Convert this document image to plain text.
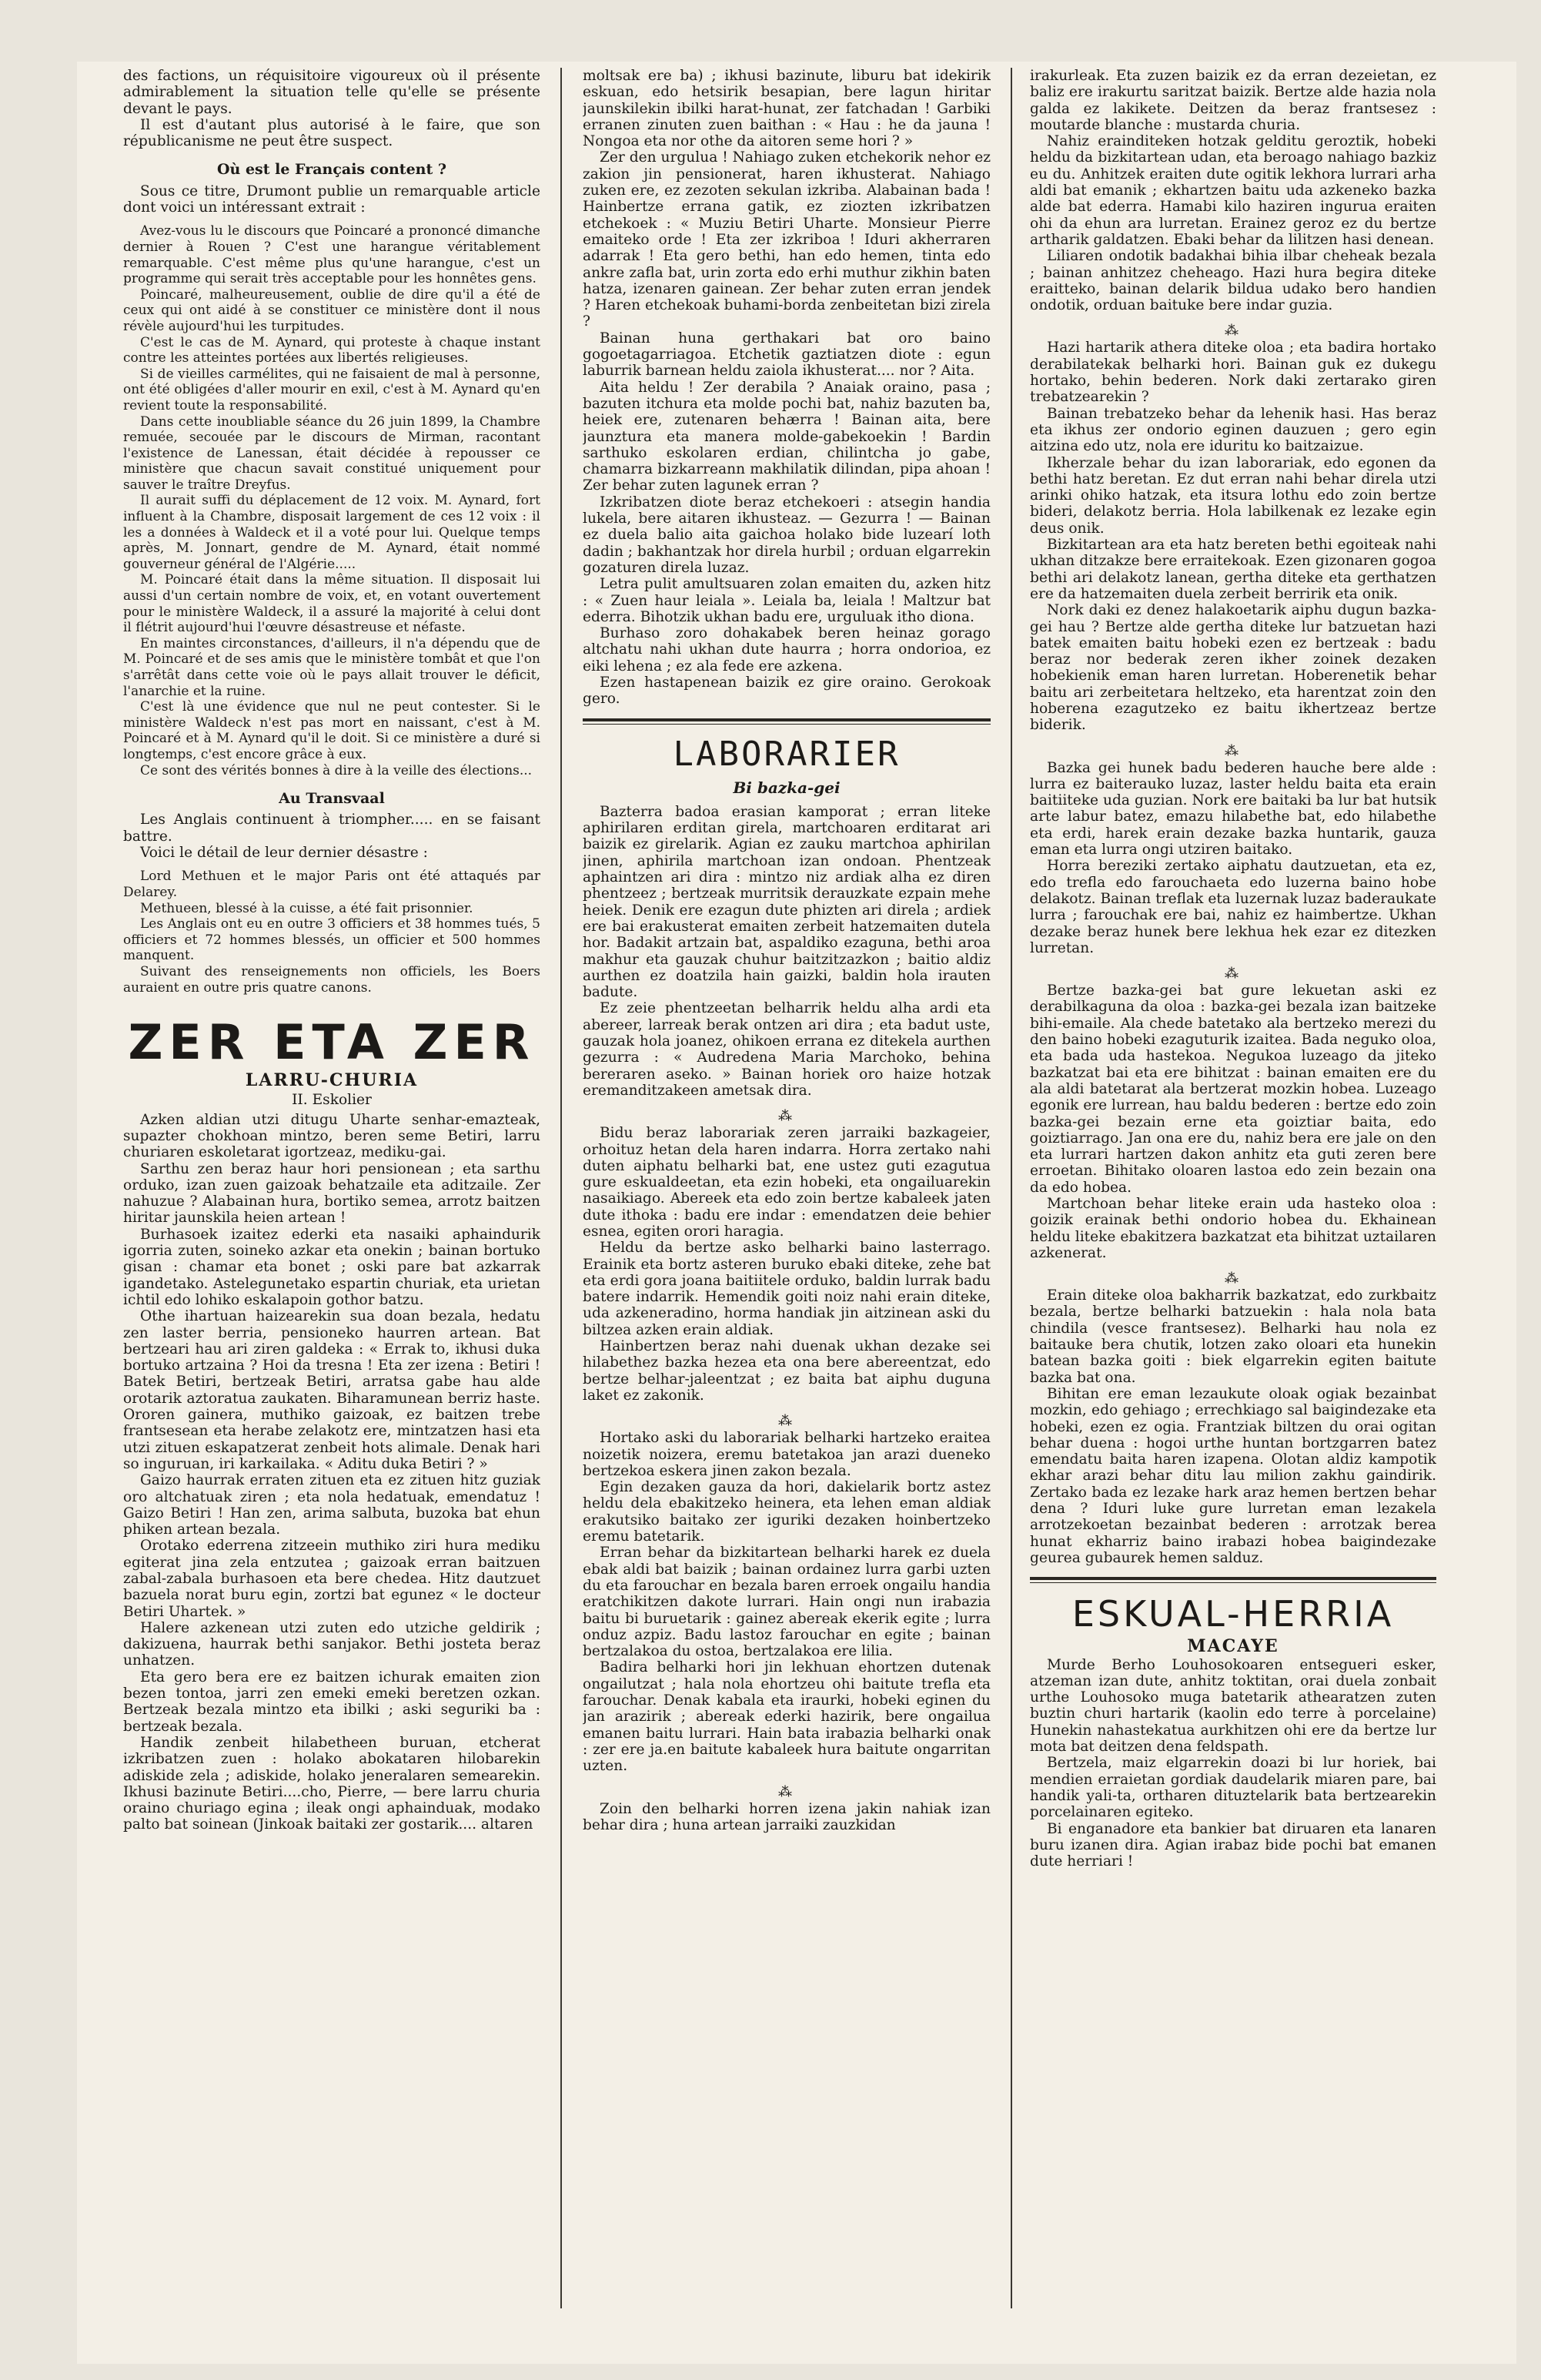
des factions, un réquisitoire vigoureux où il présente admirablement la situation telle qu'elle se présente devant le pays.

Il est d'autant plus autorisé à le faire, que son républicanisme ne peut être suspect.

Où est le Français content ?

Sous ce titre, Drumont publie un remarquable article dont voici un intéressant extrait :

Avez-vous lu le discours que Poincaré a prononcé dimanche dernier à Rouen ? C'est une harangue véritablement remarquable. C'est même plus qu'une harangue, c'est un programme qui serait très acceptable pour les honnêtes gens.

Poincaré, malheureusement, oublie de dire qu'il a été de ceux qui ont aidé à se constituer ce ministère dont il nous révèle aujourd'hui les turpitudes.

C'est le cas de M. Aynard, qui proteste à chaque instant contre les atteintes portées aux libertés religieuses.

Si de vieilles carmélites, qui ne faisaient de mal à personne, ont été obligées d'aller mourir en exil, c'est à M. Aynard qu'en revient toute la responsabilité.

Dans cette inoubliable séance du 26 juin 1899, la Chambre remuée, secouée par le discours de Mirman, racontant l'existence de Lanessan, était décidée à repousser ce ministère que chacun savait constitué uniquement pour sauver le traître Dreyfus.

Il aurait suffi du déplacement de 12 voix. M. Aynard, fort influent à la Chambre, disposait largement de ces 12 voix : il les a données à Waldeck et il a voté pour lui. Quelque temps après, M. Jonnart, gendre de M. Aynard, était nommé gouverneur général de l'Algérie.....

M. Poincaré était dans la même situation. Il disposait lui aussi d'un certain nombre de voix, et, en votant ouvertement pour le ministère Waldeck, il a assuré la majorité à celui dont il flétrit aujourd'hui l'œuvre désastreuse et néfaste.

En maintes circonstances, d'ailleurs, il n'a dépendu que de M. Poincaré et de ses amis que le ministère tombât et que l'on s'arrêtât dans cette voie où le pays allait trouver le déficit, l'anarchie et la ruine.

C'est là une évidence que nul ne peut contester. Si le ministère Waldeck n'est pas mort en naissant, c'est à M. Poincaré et à M. Aynard qu'il le doit. Si ce ministère a duré si longtemps, c'est encore grâce à eux.

Ce sont des vérités bonnes à dire à la veille des élections...

Au Transvaal

Les Anglais continuent à triompher..... en se faisant battre.

Voici le détail de leur dernier désastre :

Lord Methuen et le major Paris ont été attaqués par Delarey.

Methueen, blessé à la cuisse, a été fait prisonnier.

Les Anglais ont eu en outre 3 officiers et 38 hommes tués, 5 officiers et 72 hommes blessés, un officier et 500 hommes manquent.

Suivant des renseignements non officiels, les Boers auraient en outre pris quatre canons.

ZER ETA ZER
LARRU-CHURIA
II. Eskolier

Azken aldian utzi ditugu Uharte senhar-emazteak, supazter chokhoan mintzo, beren seme Betiri, larru churiaren eskoletarat igortzeaz, mediku-gai.

Sarthu zen beraz haur hori pensionean ; eta sarthu orduko, izan zuen gaizoak behatzaile eta aditzaile. Zer nahuzue ? Alabainan hura, bortiko semea, arrotz baitzen hiritar jaunskila heien artean !

Burhasoek izaitez ederki eta nasaiki aphaindurik igorria zuten, soineko azkar eta onekin ; bainan bortuko gisan : chamar eta bonet ; oski pare bat azkarrak igandetako. Astelegunetako espartin churiak, eta urietan ichtil edo lohiko eskalapoin gothor batzu.

Othe ihartuan haizearekin sua doan bezala, hedatu zen laster berria, pensioneko haurren artean. Bat bertzeari hau ari ziren galdeka : « Errak to, ikhusi duka bortuko artzaina ? Hoi da tresna ! Eta zer izena : Betiri ! Batek Betiri, bertzeak Betiri, arratsa gabe hau alde orotarik aztoratua zaukaten. Biharamunean berriz haste. Ororen gainera, muthiko gaizoak, ez baitzen trebe frantsesean eta herabe zelakotz ere, mintzatzen hasi eta utzi zituen eskapatzerat zenbeit hots alimale. Denak hari so inguruan, iri karkailaka. « Aditu duka Betiri ? »

Gaizo haurrak erraten zituen eta ez zituen hitz guziak oro altchatuak ziren ; eta nola hedatuak, emendatuz ! Gaizo Betiri ! Han zen, arima salbuta, buzoka bat ehun phiken artean bezala.

Orotako ederrena zitzeein muthiko ziri hura mediku egiterat jina zela entzutea ; gaizoak erran baitzuen zabal-zabala burhasoen eta bere chedea. Hitz dautzuet bazuela norat buru egin, zortzi bat egunez « le docteur Betiri Uhartek. »

Halere azkenean utzi zuten edo utziche geldirik ; dakizuena, haurrak bethi sanjakor. Bethi josteta beraz unhatzen.

Eta gero bera ere ez baitzen ichurak emaiten zion bezen tontoa, jarri zen emeki emeki beretzen ozkan. Bertzeak bezala mintzo eta ibilki ; aski seguriki ba : bertzeak bezala.

Handik zenbeit hilabetheen buruan, etcherat izkribatzen zuen : holako abokataren hilobarekin adiskide zela ; adiskide, holako jeneralaren semearekin. Ikhusi bazinute Betiri....cho, Pierre, — bere larru churia oraino churiago egina ; ileak ongi aphainduak, modako palto bat soinean (Jinkoak baitaki zer gostarik.... altaren

moltsak ere ba) ; ikhusi bazinute, liburu bat idekirik eskuan, edo hetsirik besapian, bere lagun hiritar jaunskilekin ibilki harat-hunat, zer fatchadan ! Garbiki erranen zinuten zuen baithan : « Hau : he da jauna ! Nongoa eta nor othe da aitoren seme hori ? »

Zer den urgulua ! Nahiago zuken etchekorik nehor ez zakion jin pensionerat, haren ikhusterat. Nahiago zuken ere, ez zezoten sekulan izkriba. Alabainan bada ! Hainbertze errana gatik, ez ziozten izkribatzen etchekoek : « Muziu Betiri Uharte. Monsieur Pierre emaiteko orde ! Eta zer izkriboa ! Iduri akherraren adarrak ! Eta gero bethi, han edo hemen, tinta edo ankre zafla bat, urin zorta edo erhi muthur zikhin baten hatza, izenaren gainean. Zer behar zuten erran jendek ? Haren etchekoak buhami-borda zenbeitetan bizi zirela ?

Bainan huna gerthakari bat oro baino gogoetagarriagoa. Etchetik gaztiatzen diote : egun laburrik barnean heldu zaiola ikhusterat.... nor ? Aita.

Aita heldu ! Zer derabila ? Anaiak oraino, pasa ; bazuten itchura eta molde pochi bat, nahiz bazuten ba, heiek ere, zutenaren behærra ! Bainan aita, bere jaunztura eta manera molde-gabekoekin ! Bardin sarthuko eskolaren erdian, chilintcha jo gabe, chamarra bizkarreann makhilatik dilindan, pipa ahoan ! Zer behar zuten lagunek erran ?

Izkribatzen diote beraz etchekoeri : atsegin handia lukela, bere aitaren ikhusteaz. — Gezurra ! — Bainan ez duela balio aita gaichoa holako bide luzearí loth dadin ; bakhantzak hor direla hurbil ; orduan elgarrekin gozaturen direla luzaz.

Letra pulit amultsuaren zolan emaiten du, azken hitz : « Zuen haur leiala ». Leiala ba, leiala ! Maltzur bat ederra. Bihotzik ukhan badu ere, urguluak itho diona.

Burhaso zoro dohakabek beren heinaz gorago altchatu nahi ukhan dute haurra ; horra ondorioa, ez eiki lehena ; ez ala fede ere azkena.

Ezen hastapenean baizik ez gire oraino. Gerokoak gero.

LABORARIER
Bi bazka-gei

Bazterra badoa erasian kamporat ; erran liteke aphirilaren erditan girela, martchoaren erditarat ari baizik ez girelarik. Agian ez zauku martchoa aphirilan jinen, aphirila martchoan izan ondoan. Phentzeak aphaintzen ari dira : mintzo niz ardiak alha ez diren phentzeez ; bertzeak murritsik derauzkate ezpain mehe heiek. Denik ere ezagun dute phizten ari direla ; ardiek ere bai erakusterat emaiten zerbeit hatzemaiten dutela hor. Badakit artzain bat, aspaldiko ezaguna, bethi aroa makhur eta gauzak chuhur baitzitzazkon ; baitio aldiz aurthen ez doatzila hain gaizki, baldin hola irauten badute.

Ez zeie phentzeetan belharrik heldu alha ardi eta abereer, larreak berak ontzen ari dira ; eta badut uste, gauzak hola joanez, ohikoen errana ez ditekela aurthen gezurra : « Audredena Maria Marchoko, behina bereraren aseko. » Bainan horiek oro haize hotzak eremanditzakeen ametsak dira.

⁂

Bidu beraz laborariak zeren jarraiki bazkageier, orhoituz hetan dela haren indarra. Horra zertako nahi duten aiphatu belharki bat, ene ustez guti ezagutua gure eskualdeetan, eta ezin hobeki, eta ongailuarekin nasaikiago. Abereek eta edo zoin bertze kabaleek jaten dute ithoka : badu ere indar : emendatzen deie behier esnea, egiten orori haragia.

Heldu da bertze asko belharki baino lasterrago. Erainik eta bortz asteren buruko ebaki diteke, zehe bat eta erdi gora joana baitiitele orduko, baldin lurrak badu batere indarrik. Hemendik goiti noiz nahi erain diteke, uda azkeneradino, horma handiak jin aitzinean aski du biltzea azken erain aldiak.

Hainbertzen beraz nahi duenak ukhan dezake sei hilabethez bazka hezea eta ona bere abereentzat, edo bertze belhar-jaleentzat ; ez baita bat aiphu duguna laket ez zakonik.

⁂

Hortako aski du laborariak belharki hartzeko eraitea noizetik noizera, eremu batetakoa jan arazi dueneko bertzekoa eskera jinen zakon bezala.

Egin dezaken gauza da hori, dakielarik bortz astez heldu dela ebakitzeko heinera, eta lehen eman aldiak erakutsiko baitako zer iguriki dezaken hoinbertzeko eremu batetarik.

Erran behar da bizkitartean belharki harek ez duela ebak aldi bat baizik ; bainan ordainez lurra garbi uzten du eta farouchar en bezala baren erroek ongailu handia eratchikitzen dakote lurrari. Hain ongi nun irabazia baitu bi buruetarik : gainez abereak ekerik egite ; lurra onduz azpiz. Badu lastoz farouchar en egite ; bainan bertzalakoa du ostoa, bertzalakoa ere lilia.

Badira belharki hori jin lekhuan ehortzen dutenak ongailutzat ; hala nola ehortzeu ohi baitute trefla eta farouchar. Denak kabala eta iraurki, hobeki eginen du jan arazirik ; abereak ederki hazirik, bere ongailua emanen baitu lurrari. Hain bata irabazia belharki onak : zer ere ja.en baitute kabaleek hura baitute ongarritan uzten.

⁂

Zoin den belharki horren izena jakin nahiak izan behar dira ; huna artean jarraiki zauzkidan

irakurleak. Eta zuzen baizik ez da erran dezeietan, ez baliz ere irakurtu saritzat baizik. Bertze alde hazia nola galda ez lakikete. Deitzen da beraz frantsesez : moutarde blanche : mustarda churia.

Nahiz erainditeken hotzak gelditu geroztik, hobeki heldu da bizkitartean udan, eta beroago nahiago bazkiz eu du. Anhitzek eraiten dute ogitik lekhora lurrari arha aldi bat emanik ; ekhartzen baitu uda azkeneko bazka alde bat ederra. Hamabi kilo haziren ingurua eraiten ohi da ehun ara lurretan. Erainez geroz ez du bertze artharik galdatzen. Ebaki behar da lilitzen hasi denean.

Liliaren ondotik badakhai bihia ilbar cheheak bezala ; bainan anhitzez cheheago. Hazi hura begira diteke eraitteko, bainan delarik bildua udako bero handien ondotik, orduan baituke bere indar guzia.

⁂

Hazi hartarik athera diteke oloa ; eta badira hortako derabilatekak belharki hori. Bainan guk ez dukegu hortako, behin bederen. Nork daki zertarako giren trebatzearekin ?

Bainan trebatzeko behar da lehenik hasi. Has beraz eta ikhus zer ondorio eginen dauzuen ; gero egin aitzina edo utz, nola ere iduritu ko baitzaizue.

Ikherzale behar du izan laborariak, edo egonen da bethi hatz beretan. Ez dut erran nahi behar direla utzi arinki ohiko hatzak, eta itsura lothu edo zoin bertze bideri, delakotz berria. Hola labilkenak ez lezake egin deus onik.

Bizkitartean ara eta hatz bereten bethi egoiteak nahi ukhan ditzakze bere erraitekoak. Ezen gizonaren gogoa bethi ari delakotz lanean, gertha diteke eta gerthatzen ere da hatzemaiten duela zerbeit berririk eta onik.

Nork daki ez denez halakoetarik aiphu dugun bazka-gei hau ? Bertze alde gertha diteke lur batzuetan hazi batek emaiten baitu hobeki ezen ez bertzeak : badu beraz nor bederak zeren ikher zoinek dezaken hobekienik eman haren lurretan. Hoberenetik behar baitu ari zerbeitetara heltzeko, eta harentzat zoin den hoberena ezagutzeko ez baitu ikhertzeaz bertze biderik.

⁂

Bazka gei hunek badu bederen hauche bere alde : lurra ez baiterauko luzaz, laster heldu baita eta erain baitiiteke uda guzian. Nork ere baitaki ba lur bat hutsik arte labur batez, emazu hilabethe bat, edo hilabethe eta erdi, harek erain dezake bazka huntarik, gauza eman eta lurra ongi utziren baitako.

Horra bereziki zertako aiphatu dautzuetan, eta ez, edo trefla edo farouchaeta edo luzerna baino hobe delakotz. Bainan treflak eta luzernak luzaz baderaukate lurra ; farouchak ere bai, nahiz ez haimbertze. Ukhan dezake beraz hunek bere lekhua hek ezar ez ditezken lurretan.

⁂

Bertze bazka-gei bat gure lekuetan aski ez derabilkaguna da oloa : bazka-gei bezala izan baitzeke bihi-emaile. Ala chede batetako ala bertzeko merezi du den baino hobeki ezaguturik izaitea. Bada neguko oloa, eta bada uda hastekoa. Negukoa luzeago da jiteko bazkatzat bai eta ere bihitzat : bainan emaiten ere du ala aldi batetarat ala bertzerat mozkin hobea. Luzeago egonik ere lurrean, hau baldu bederen : bertze edo zoin bazka-gei bezain erne eta goiztiar baita, edo goiztiarrago. Jan ona ere du, nahiz bera ere jale on den eta lurrari hartzen dakon anhitz eta guti zeren bere erroetan. Bihitako oloaren lastoa edo zein bezain ona da edo hobea.

Martchoan behar liteke erain uda hasteko oloa : goizik erainak bethi ondorio hobea du. Ekhainean heldu liteke ebakitzera bazkatzat eta bihitzat uztailaren azkenerat.

⁂

Erain diteke oloa bakharrik bazkatzat, edo zurkbaitz bezala, bertze belharki batzuekin : hala nola bata chindila (vesce frantsesez). Belharki hau nola ez baitauke bera chutik, lotzen zako oloari eta hunekin batean bazka goiti : biek elgarrekin egiten baitute bazka bat ona.

Bihitan ere eman lezaukute oloak ogiak bezainbat mozkin, edo gehiago ; errechkiago sal baigindezake eta hobeki, ezen ez ogia. Frantziak biltzen du orai ogitan behar duena : hogoi urthe huntan bortzgarren batez emendatu baita haren izapena. Olotan aldiz kampotik ekhar arazi behar ditu lau milion zakhu gaindirik. Zertako bada ez lezake hark araz hemen bertzen behar dena ? Iduri luke gure lurretan eman lezakela arrotzekoetan bezainbat bederen : arrotzak berea hunat ekharriz baino irabazi hobea baigindezake geurea gubaurek hemen salduz.

ESKUAL-HERRIA
MACAYE

Murde Berho Louhosokoaren entsegueri esker, atzeman izan dute, anhitz toktitan, orai duela zonbait urthe Louhosoko muga batetarik athearatzen zuten buztin churi hartarik (kaolin edo terre à porcelaine) Hunekin nahastekatua aurkhitzen ohi ere da bertze lur mota bat deitzen dena feldspath.

Bertzela, maiz elgarrekin doazi bi lur horiek, bai mendien erraietan gordiak daudelarik miaren pare, bai handik yali-ta, ortharen dituztelarik bata bertzearekin porcelainaren egiteko.

Bi enganadore eta bankier bat diruaren eta lanaren buru izanen dira. Agian irabaz bide pochi bat emanen dute herriari !
